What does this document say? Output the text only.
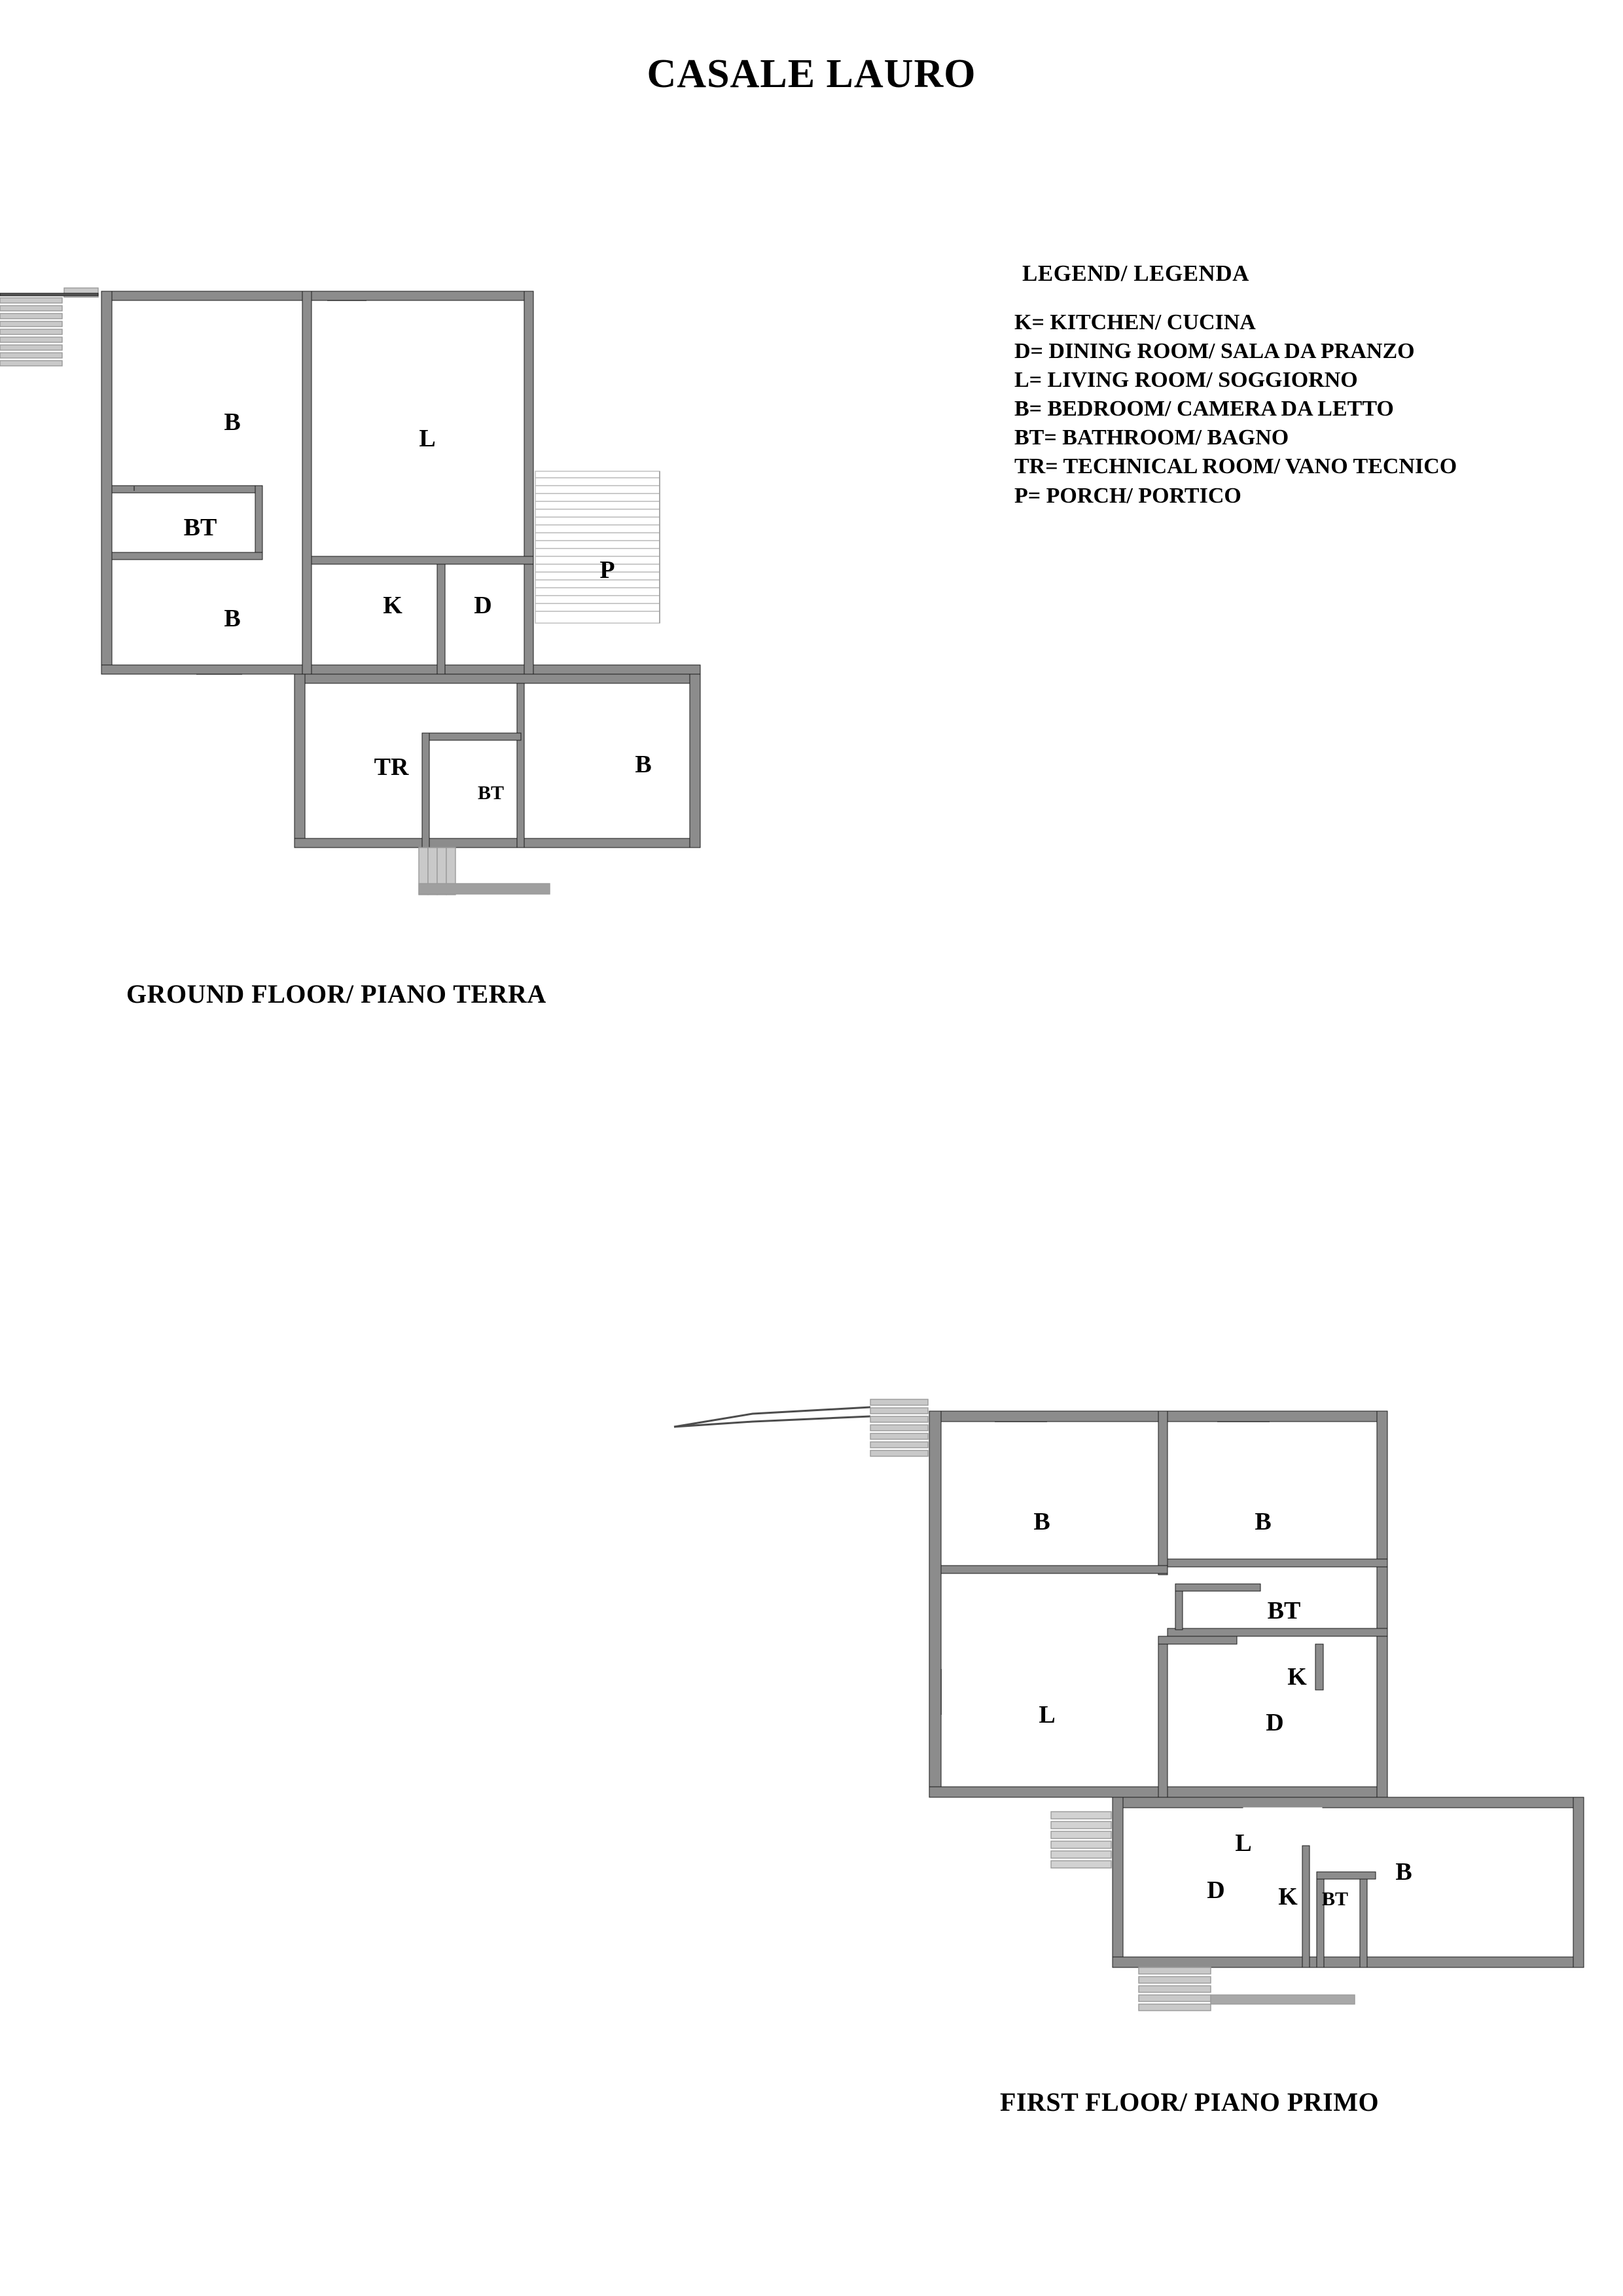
CASALE LAURO
LEGEND/ LEGENDA
K= KITCHEN/ CUCINA
D= DINING ROOM/ SALA DA PRANZO
L= LIVING ROOM/ SOGGIORNO
B= BEDROOM/ CAMERA DA LETTO
BT= BATHROOM/ BAGNO
TR= TECHNICAL ROOM/ VANO TECNICO
P= PORCH/ PORTICO
B
L
BT
B	K	D
P
TR
BT
B
GROUND FLOOR/ PIANO TERRA
B	B
BT
L
K
D
L
D K BT
B
FIRST FLOOR/ PIANO PRIMO
